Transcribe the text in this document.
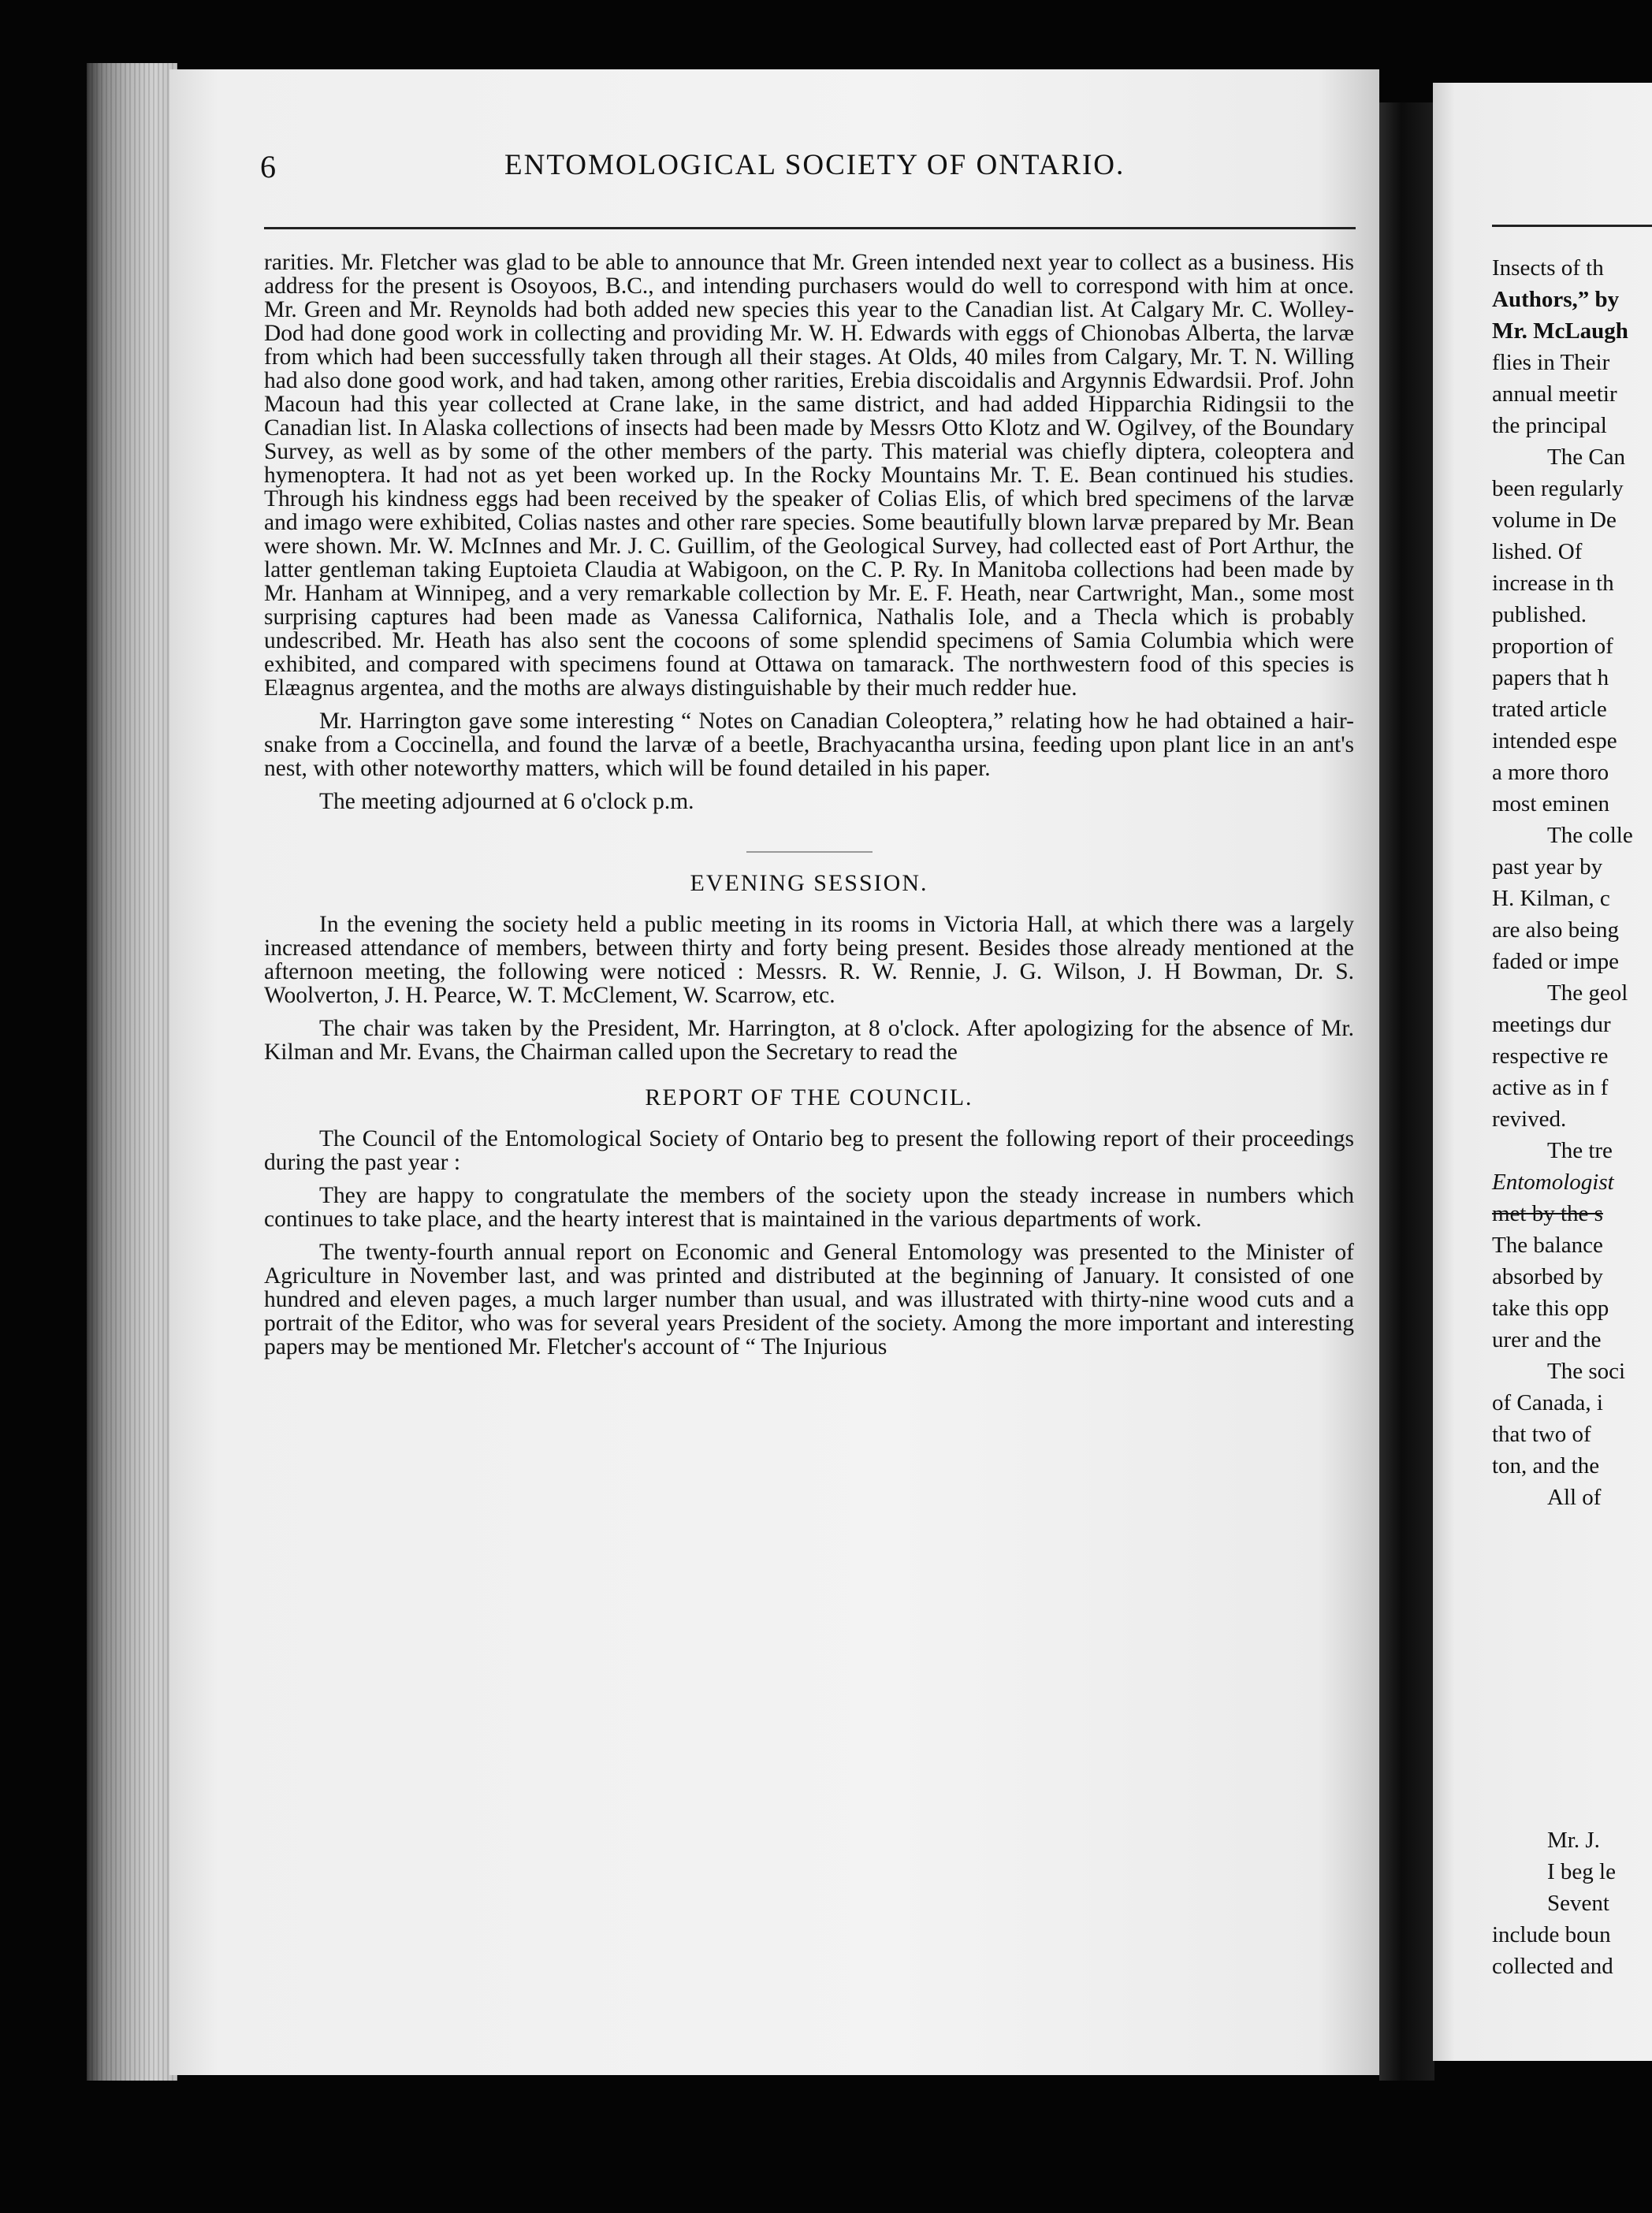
6	ENTOMOLOGICAL SOCIETY OF ONTARIO.

rarities. Mr. Fletcher was glad to be able to announce that Mr. Green intended next year to collect as a business. His address for the present is Osoyoos, B.C., and intending purchasers would do well to correspond with him at once. Mr. Green and Mr. Reynolds had both added new species this year to the Canadian list. At Calgary Mr. C. Wolley-Dod had done good work in collecting and providing Mr. W. H. Edwards with eggs of Chionobas Alberta, the larvæ from which had been successfully taken through all their stages. At Olds, 40 miles from Calgary, Mr. T. N. Willing had also done good work, and had taken, among other rarities, Erebia discoidalis and Argynnis Edwardsii. Prof. John Macoun had this year collected at Crane lake, in the same district, and had added Hipparchia Ridingsii to the Canadian list. In Alaska collections of insects had been made by Messrs Otto Klotz and W. Ogilvey, of the Boundary Survey, as well as by some of the other members of the party. This material was chiefly diptera, coleoptera and hymenoptera. It had not as yet been worked up. In the Rocky Mountains Mr. T. E. Bean continued his studies. Through his kindness eggs had been received by the speaker of Colias Elis, of which bred specimens of the larvæ and imago were exhibited, Colias nastes and other rare species. Some beautifully blown larvæ prepared by Mr. Bean were shown. Mr. W. McInnes and Mr. J. C. Guillim, of the Geological Survey, had collected east of Port Arthur, the latter gentleman taking Euptoieta Claudia at Wabigoon, on the C. P. Ry. In Manitoba collections had been made by Mr. Hanham at Winnipeg, and a very remarkable collection by Mr. E. F. Heath, near Cartwright, Man., some most surprising captures had been made as Vanessa Californica, Nathalis Iole, and a Thecla which is probably undescribed. Mr. Heath has also sent the cocoons of some splendid specimens of Samia Columbia which were exhibited, and compared with specimens found at Ottawa on tamarack. The northwestern food of this species is Elæagnus argentea, and the moths are always distinguishable by their much redder hue.

Mr. Harrington gave some interesting “ Notes on Canadian Coleoptera,” relating how he had obtained a hair-snake from a Coccinella, and found the larvæ of a beetle, Brachyacantha ursina, feeding upon plant lice in an ant's nest, with other noteworthy matters, which will be found detailed in his paper.

The meeting adjourned at 6 o'clock p.m.

EVENING SESSION.

In the evening the society held a public meeting in its rooms in Victoria Hall, at which there was a largely increased attendance of members, between thirty and forty being present. Besides those already mentioned at the afternoon meeting, the following were noticed : Messrs. R. W. Rennie, J. G. Wilson, J. H Bowman, Dr. S. Woolverton, J. H. Pearce, W. T. McClement, W. Scarrow, etc.

The chair was taken by the President, Mr. Harrington, at 8 o'clock. After apologizing for the absence of Mr. Kilman and Mr. Evans, the Chairman called upon the Secretary to read the

REPORT OF THE COUNCIL.

The Council of the Entomological Society of Ontario beg to present the following report of their proceedings during the past year :

They are happy to congratulate the members of the society upon the steady increase in numbers which continues to take place, and the hearty interest that is maintained in the various departments of work.

The twenty-fourth annual report on Economic and General Entomology was presented to the Minister of Agriculture in November last, and was printed and distributed at the beginning of January. It consisted of one hundred and eleven pages, a much larger number than usual, and was illustrated with thirty-nine wood cuts and a portrait of the Editor, who was for several years President of the society. Among the more important and interesting papers may be mentioned Mr. Fletcher's account of “ The Injurious

Insects of th
Authors,” by
Mr. McLaugh
flies in Their
annual meetir
the principal
The Can
been regularly
volume in De
lished. Of
increase in th
published.
proportion of
papers that h
trated article
intended espe
a more thoro
most eminen
The colle
past year by
H. Kilman, c
are also being
faded or impe
The geol
meetings dur
respective re
active as in f
revived.
The tre
Entomologist
met by the s
The balance
absorbed by
take this opp
urer and the
The soci
of Canada, i
that two of
ton, and the
All of
Mr. J.
I beg le
Sevent
include boun
collected and
